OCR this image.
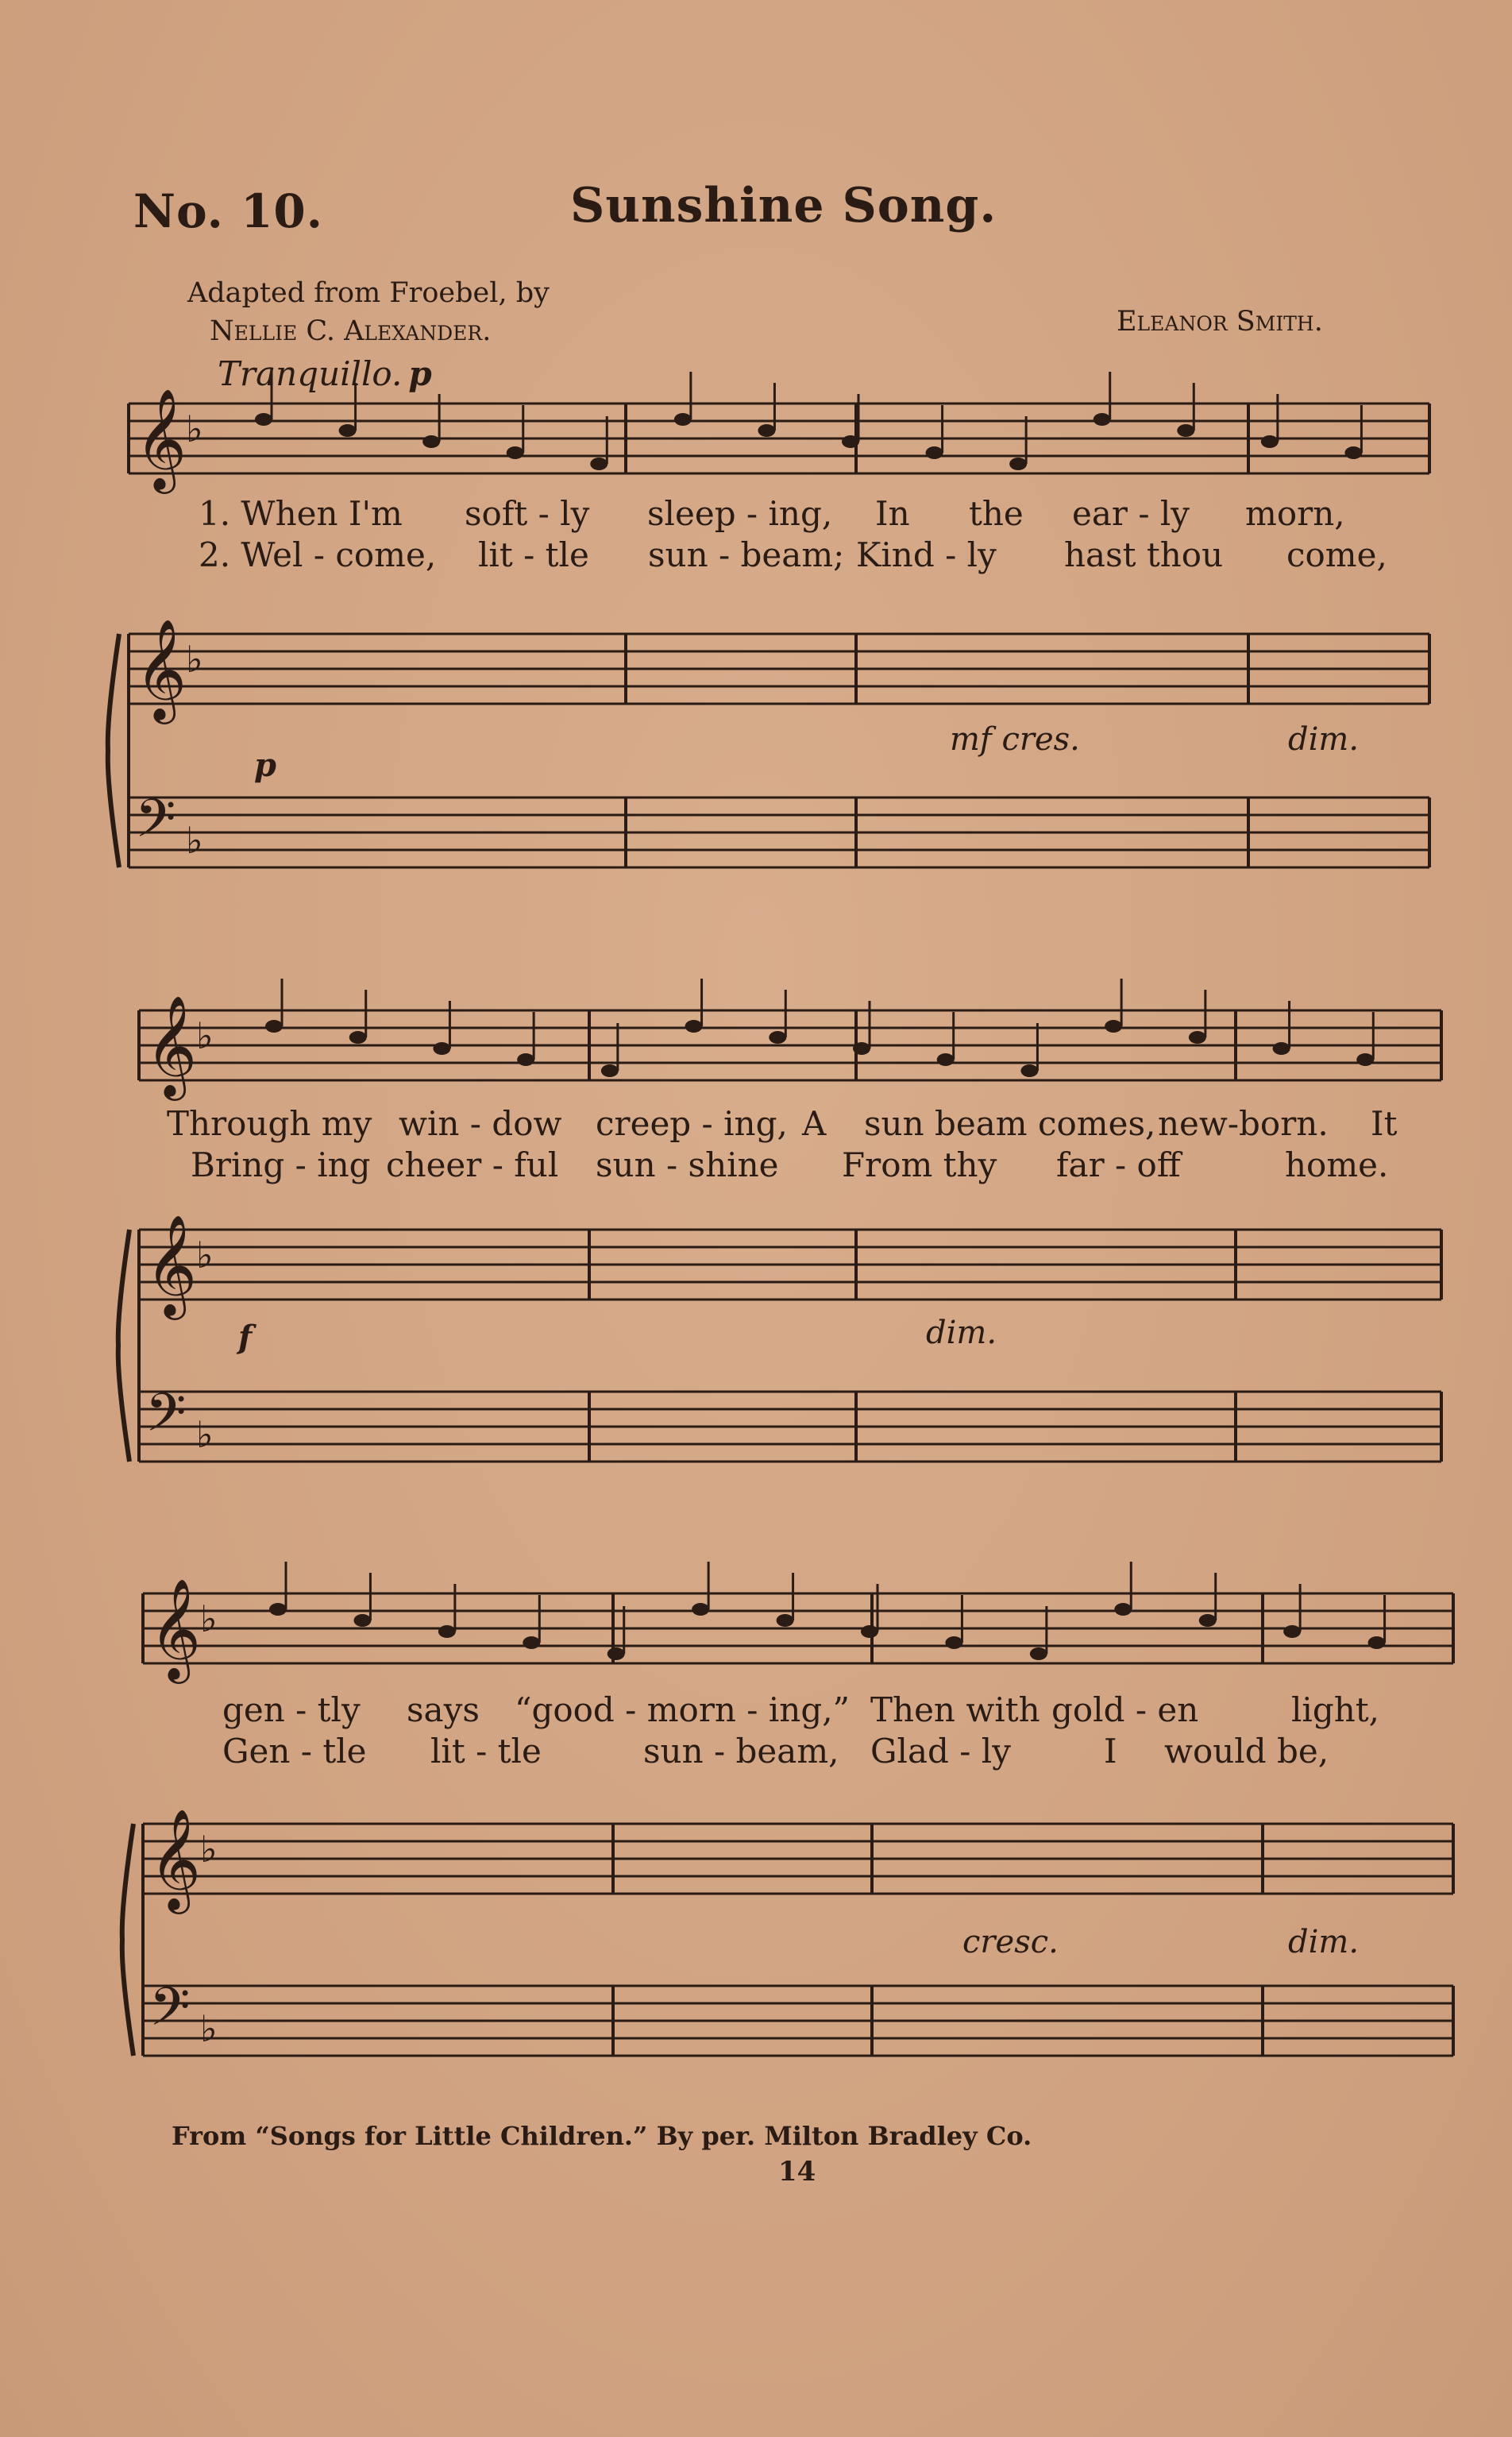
No. 10.	Sunshine Song.
Adapted from Froebel, by
Nellie C. Alexander.	Eleanor Smith.
Tranquillo. p
𝄞
𝄞
𝄢
♭
♭
♭
𝄞
𝄞
𝄢
♭
♭
♭
𝄞
𝄞
𝄢
♭
♭
♭
1. When I'm soft - ly sleep - ing, In the ear - ly morn,
2. Wel - come, lit - tle sun - beam; Kind - ly hast thou come,
p
mf cres.	dim.
Through my win - dow creep - ing, A sun beam comes, new-born. It
Bring - ing cheer - ful sun - shine From thy far - off	home.
f	dim.
gen - tly says “good - morn - ing,” Then with gold - en	light,
Gen - tle lit - tle	sun - beam, Glad - ly	I would be,
cresc.	dim.
From “Songs for Little Children.” By per. Milton Bradley Co.
14
